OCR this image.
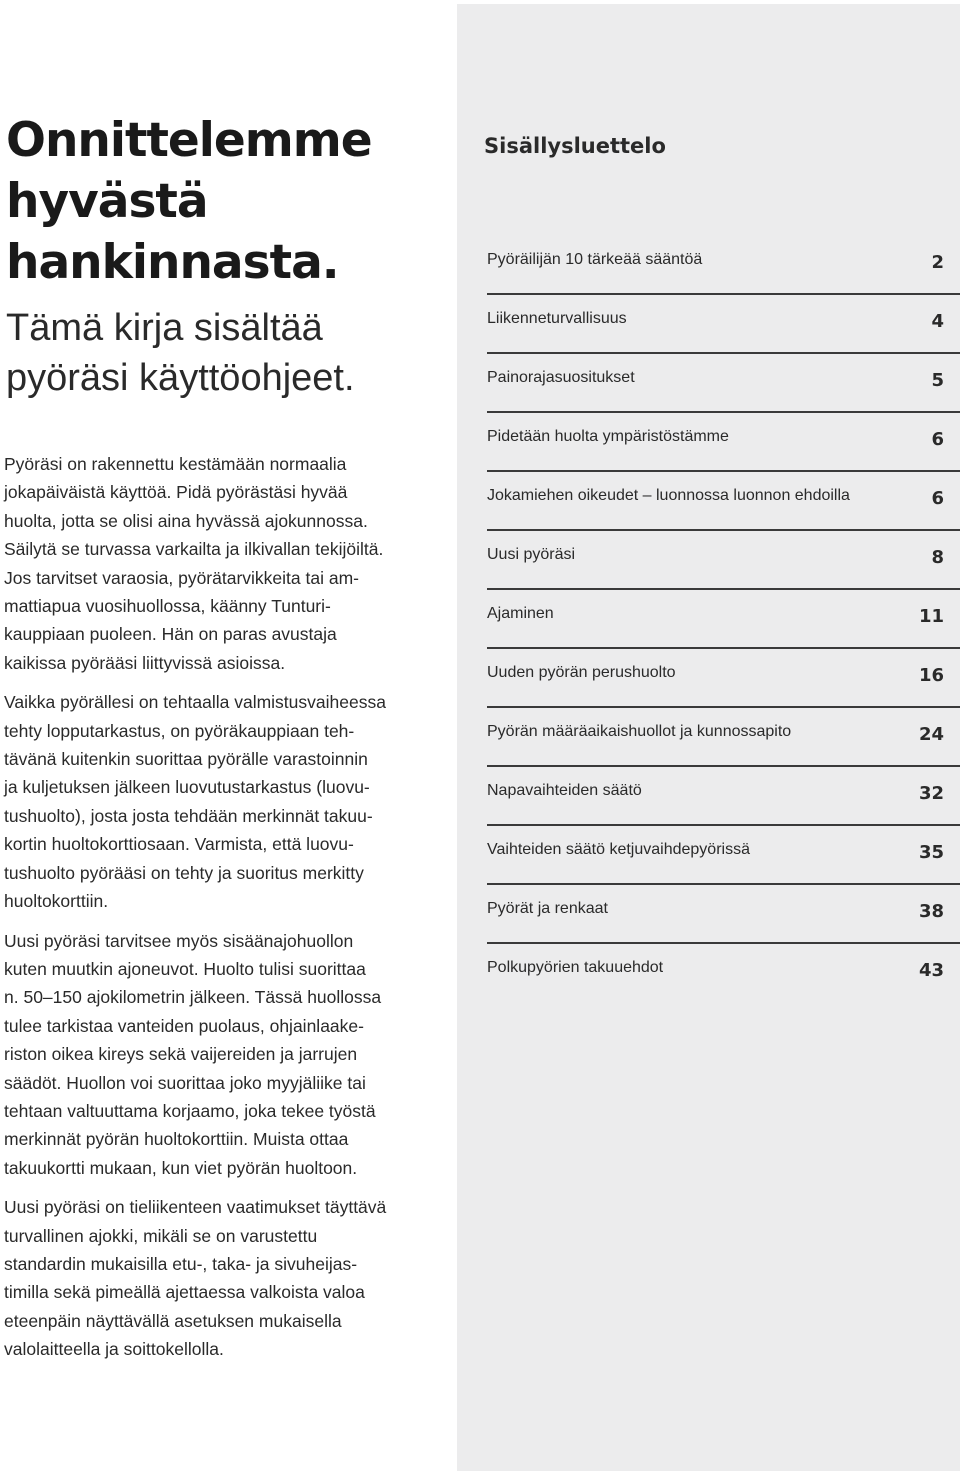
Onnittelemme
hyvästä
hankinnasta.
Tämä kirja sisältää
pyöräsi käyttöohjeet.

Pyöräsi on rakennettu kestämään normaalia
jokapäiväistä käyttöä. Pidä pyörästäsi hyvää
huolta, jotta se olisi aina hyvässä ajokunnossa.
Säilytä se turvassa varkailta ja ilkivallan tekijöiltä.
Jos tarvitset varaosia, pyörätarvikkeita tai am-
mattiapua vuosihuollossa, käänny Tunturi-
kauppiaan puoleen. Hän on paras avustaja
kaikissa pyörääsi liittyvissä asioissa.

Vaikka pyörällesi on tehtaalla valmistusvaiheessa
tehty lopputarkastus, on pyöräkauppiaan teh-
tävänä kuitenkin suorittaa pyörälle varastoinnin
ja kuljetuksen jälkeen luovutustarkastus (luovu-
tushuolto), josta josta tehdään merkinnät takuu-
kortin huoltokorttiosaan. Varmista, että luovu-
tushuolto pyörääsi on tehty ja suoritus merkitty
huoltokorttiin.

Uusi pyöräsi tarvitsee myös sisäänajohuollon
kuten muutkin ajoneuvot. Huolto tulisi suorittaa
n. 50–150 ajokilometrin jälkeen. Tässä huollossa
tulee tarkistaa vanteiden puolaus, ohjainlaake-
riston oikea kireys sekä vaijereiden ja jarrujen
säädöt. Huollon voi suorittaa joko myyjäliike tai
tehtaan valtuuttama korjaamo, joka tekee työstä
merkinnät pyörän huoltokorttiin. Muista ottaa
takuukortti mukaan, kun viet pyörän huoltoon.

Uusi pyöräsi on tieliikenteen vaatimukset täyttävä
turvallinen ajokki, mikäli se on varustettu
standardin mukaisilla etu-, taka- ja sivuheijas-
timilla sekä pimeällä ajettaessa valkoista valoa
eteenpäin näyttävällä asetuksen mukaisella
valolaitteella ja soittokellolla.

Sisällysluettelo
Pyöräilijän 10 tärkeää sääntöä	2
Liikenneturvallisuus	4
Painorajasuositukset	5
Pidetään huolta ympäristöstämme	6
Jokamiehen oikeudet – luonnossa luonnon ehdoilla	6
Uusi pyöräsi	8
Ajaminen	11
Uuden pyörän perushuolto	16
Pyörän määräaikaishuollot ja kunnossapito	24
Napavaihteiden säätö	32
Vaihteiden säätö ketjuvaihdepyörissä	35
Pyörät ja renkaat	38
Polkupyörien takuuehdot	43
